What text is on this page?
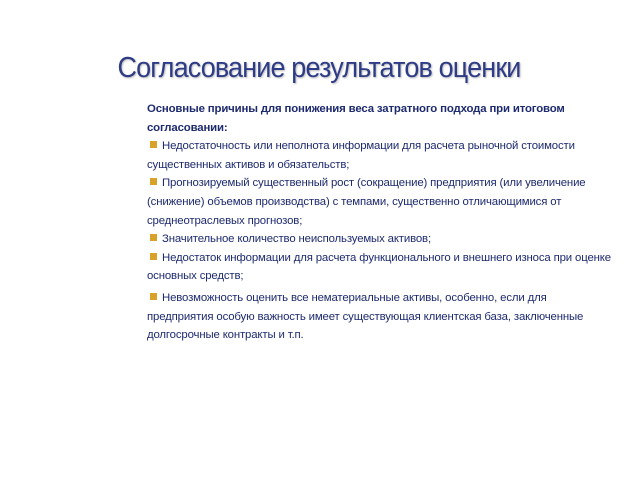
Согласование результатов оценки

Основные причины для понижения веса затратного подхода при итоговом согласовании:

Недостаточность или неполнота информации для расчета рыночной стоимости существенных активов и обязательств;
Прогнозируемый существенный рост (сокращение) предприятия (или увеличение (снижение) объемов производства) с темпами, существенно отличающимися от среднеотраслевых прогнозов;
Значительное количество неиспользуемых активов;
Недостаток информации для расчета функционального и внешнего износа при оценке основных средств;
Невозможность оценить все нематериальные активы, особенно, если для предприятия особую важность имеет существующая клиентская база, заключенные долгосрочные контракты и т.п.
